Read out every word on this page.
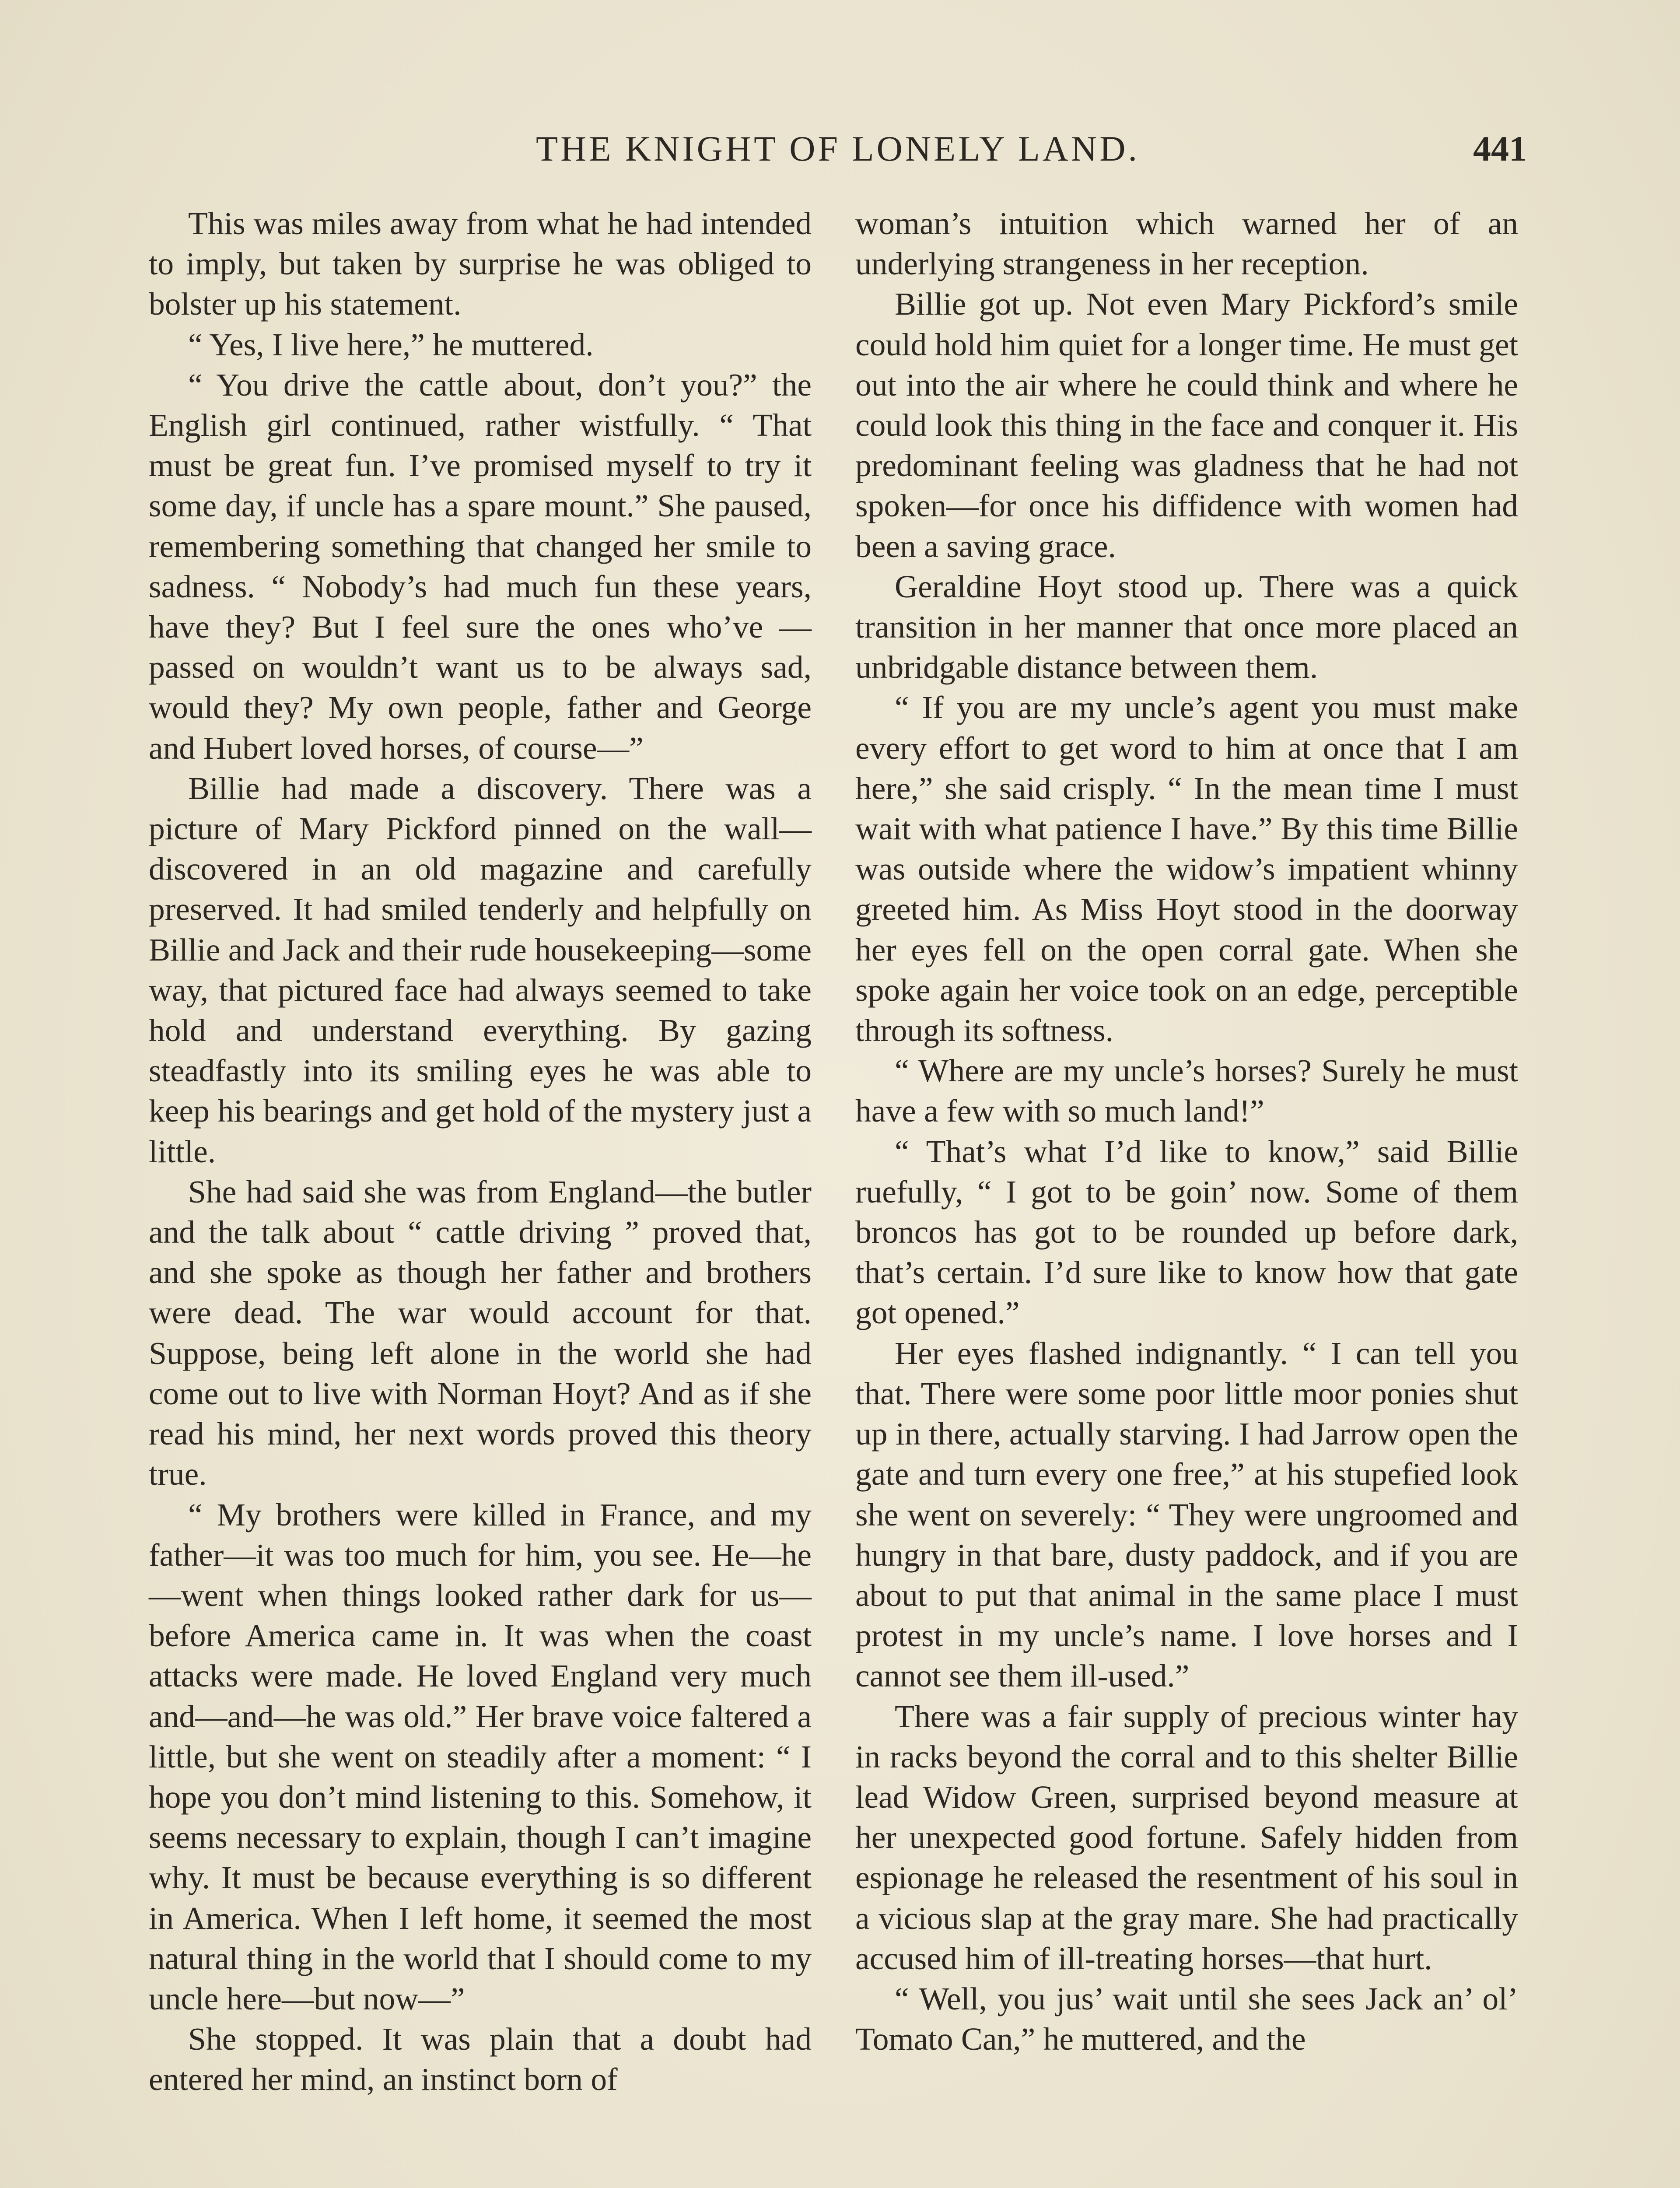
THE KNIGHT OF LONELY LAND.	441

This was miles away from what he had intended to imply, but taken by surprise he was obliged to bolster up his statement.

“ Yes, I live here,” he muttered.

“ You drive the cattle about, don’t you?” the English girl continued, rather wistfully. “ That must be great fun. I’ve promised myself to try it some day, if uncle has a spare mount.” She paused, remembering something that changed her smile to sadness. “ Nobody’s had much fun these years, have they? But I feel sure the ones who’ve —passed on wouldn’t want us to be always sad, would they? My own people, father and George and Hubert loved horses, of course—”

Billie had made a discovery. There was a picture of Mary Pickford pinned on the wall—discovered in an old magazine and carefully preserved. It had smiled tenderly and helpfully on Billie and Jack and their rude housekeeping—some way, that pictured face had always seemed to take hold and understand everything. By gazing steadfastly into its smiling eyes he was able to keep his bearings and get hold of the mystery just a little.

She had said she was from England—the butler and the talk about “ cattle driving ” proved that, and she spoke as though her father and brothers were dead. The war would account for that. Suppose, being left alone in the world she had come out to live with Norman Hoyt? And as if she read his mind, her next words proved this theory true.

“ My brothers were killed in France, and my father—it was too much for him, you see. He—he—went when things looked rather dark for us—before America came in. It was when the coast attacks were made. He loved England very much and—and—he was old.” Her brave voice faltered a little, but she went on steadily after a moment: “ I hope you don’t mind listening to this. Somehow, it seems necessary to explain, though I can’t imagine why. It must be because everything is so different in America. When I left home, it seemed the most natural thing in the world that I should come to my uncle here—but now—”

She stopped. It was plain that a doubt had entered her mind, an instinct born of

woman’s intuition which warned her of an underlying strangeness in her reception.

Billie got up. Not even Mary Pickford’s smile could hold him quiet for a longer time. He must get out into the air where he could think and where he could look this thing in the face and conquer it. His predominant feeling was gladness that he had not spoken—for once his diffidence with women had been a saving grace.

Geraldine Hoyt stood up. There was a quick transition in her manner that once more placed an unbridgable distance between them.

“ If you are my uncle’s agent you must make every effort to get word to him at once that I am here,” she said crisply. “ In the mean time I must wait with what patience I have.” By this time Billie was outside where the widow’s impatient whinny greeted him. As Miss Hoyt stood in the doorway her eyes fell on the open corral gate. When she spoke again her voice took on an edge, perceptible through its softness.

“ Where are my uncle’s horses? Surely he must have a few with so much land!”

“ That’s what I’d like to know,” said Billie ruefully, “ I got to be goin’ now. Some of them broncos has got to be rounded up before dark, that’s certain. I’d sure like to know how that gate got opened.”

Her eyes flashed indignantly. “ I can tell you that. There were some poor little moor ponies shut up in there, actually starving. I had Jarrow open the gate and turn every one free,” at his stupefied look she went on severely: “ They were ungroomed and hungry in that bare, dusty paddock, and if you are about to put that animal in the same place I must protest in my uncle’s name. I love horses and I cannot see them ill-used.”

There was a fair supply of precious winter hay in racks beyond the corral and to this shelter Billie lead Widow Green, surprised beyond measure at her unexpected good fortune. Safely hidden from espionage he released the resentment of his soul in a vicious slap at the gray mare. She had practically accused him of ill-treating horses—that hurt.

“ Well, you jus’ wait until she sees Jack an’ ol’ Tomato Can,” he muttered, and the
